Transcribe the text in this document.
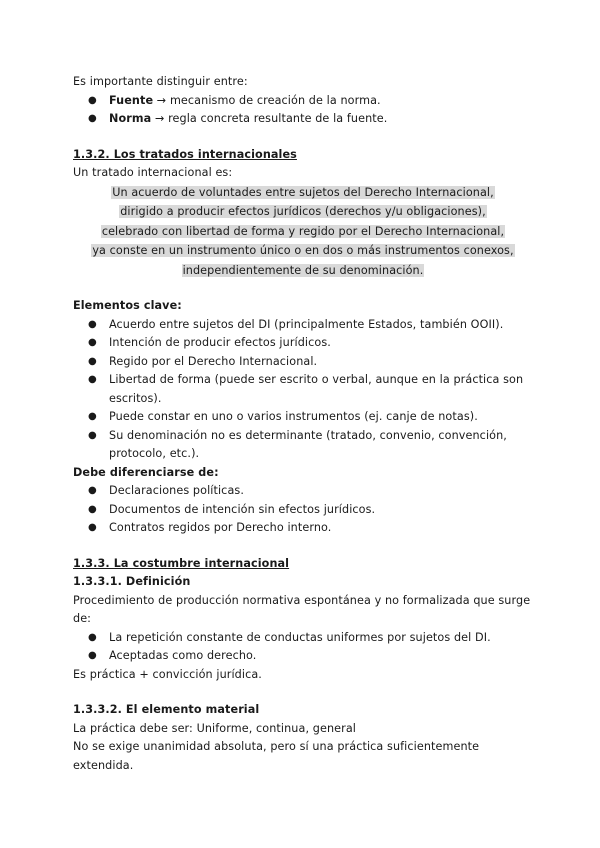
Es importante distinguir entre:

● Fuente → mecanismo de creación de la norma.
● Norma → regla concreta resultante de la fuente.

1.3.2. Los tratados internacionales

Un tratado internacional es:

Un acuerdo de voluntades entre sujetos del Derecho Internacional,

dirigido a producir efectos jurídicos (derechos y/u obligaciones),

celebrado con libertad de forma y regido por el Derecho Internacional,

ya conste en un instrumento único o en dos o más instrumentos conexos,

independientemente de su denominación.

Elementos clave:

● Acuerdo entre sujetos del DI (principalmente Estados, también OOII).
● Intención de producir efectos jurídicos.
● Regido por el Derecho Internacional.
● Libertad de forma (puede ser escrito o verbal, aunque en la práctica son escritos).
● Puede constar en uno o varios instrumentos (ej. canje de notas).
● Su denominación no es determinante (tratado, convenio, convención, protocolo, etc.).

Debe diferenciarse de:

● Declaraciones políticas.
● Documentos de intención sin efectos jurídicos.
● Contratos regidos por Derecho interno.

1.3.3. La costumbre internacional

1.3.3.1. Definición

Procedimiento de producción normativa espontánea y no formalizada que surge de:

● La repetición constante de conductas uniformes por sujetos del DI.
● Aceptadas como derecho.

Es práctica + convicción jurídica.

1.3.3.2. El elemento material

La práctica debe ser: Uniforme, continua, general

No se exige unanimidad absoluta, pero sí una práctica suficientemente extendida.
